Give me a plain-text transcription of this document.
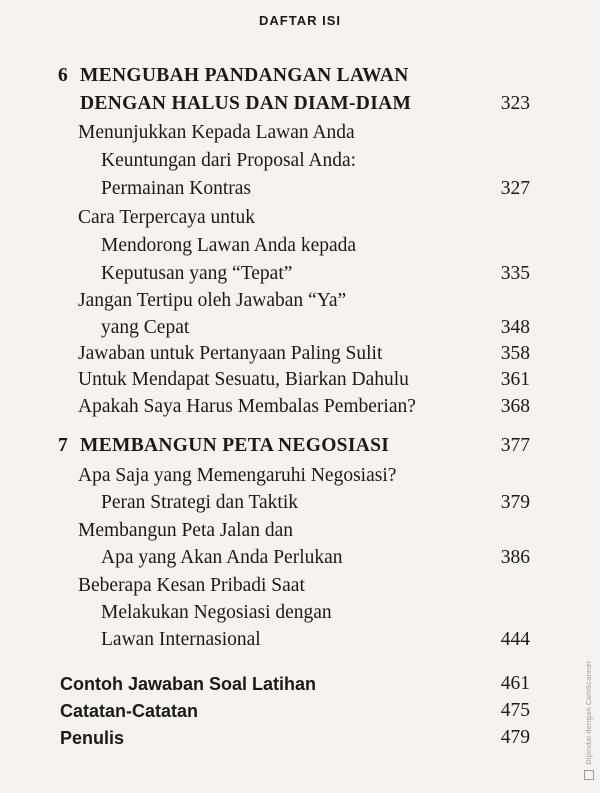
DAFTAR ISI
6 MENGUBAH PANDANGAN LAWAN
DENGAN HALUS DAN DIAM-DIAM	323
Menunjukkan Kepada Lawan Anda
Keuntungan dari Proposal Anda:
Permainan Kontras	327
Cara Terpercaya untuk
Mendorong Lawan Anda kepada
Keputusan yang “Tepat”	335
Jangan Tertipu oleh Jawaban “Ya”
yang Cepat	348
Jawaban untuk Pertanyaan Paling Sulit	358
Untuk Mendapat Sesuatu, Biarkan Dahulu	361
Apakah Saya Harus Membalas Pemberian?	368
7 MEMBANGUN PETA NEGOSIASI	377
Apa Saja yang Memengaruhi Negosiasi?
Peran Strategi dan Taktik	379
Membangun Peta Jalan dan
Apa yang Akan Anda Perlukan	386
Beberapa Kesan Pribadi Saat
Melakukan Negosiasi dengan
Lawan Internasional	444
Contoh Jawaban Soal Latihan	461
Catatan-Catatan	475
Penulis	479	Dipindai dengan CamScanner
